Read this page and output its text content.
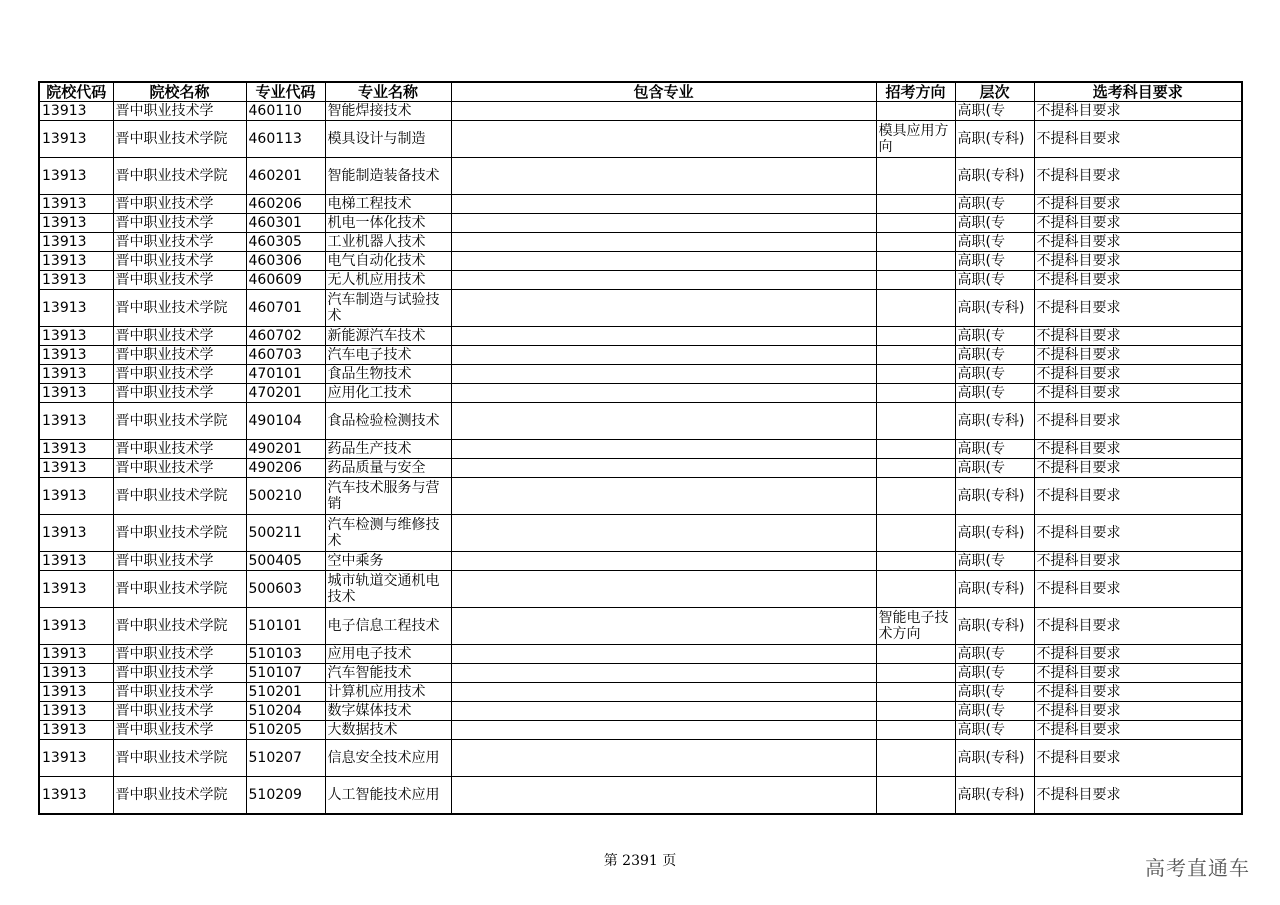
院校代码	院校名称	专业代码	专业名称	包含专业	招考方向	层次	选考科目要求
13913	晋中职业技术学	460110	智能焊接技术			高职(专	不提科目要求
13913	晋中职业技术学院	460113	模具设计与制造		模具应用方向	高职(专科)	不提科目要求
13913	晋中职业技术学院	460201	智能制造装备技术			高职(专科)	不提科目要求
13913	晋中职业技术学	460206	电梯工程技术			高职(专	不提科目要求
13913	晋中职业技术学	460301	机电一体化技术			高职(专	不提科目要求
13913	晋中职业技术学	460305	工业机器人技术			高职(专	不提科目要求
13913	晋中职业技术学	460306	电气自动化技术			高职(专	不提科目要求
13913	晋中职业技术学	460609	无人机应用技术			高职(专	不提科目要求
13913	晋中职业技术学院	460701	汽车制造与试验技术			高职(专科)	不提科目要求
13913	晋中职业技术学	460702	新能源汽车技术			高职(专	不提科目要求
13913	晋中职业技术学	460703	汽车电子技术			高职(专	不提科目要求
13913	晋中职业技术学	470101	食品生物技术			高职(专	不提科目要求
13913	晋中职业技术学	470201	应用化工技术			高职(专	不提科目要求
13913	晋中职业技术学院	490104	食品检验检测技术			高职(专科)	不提科目要求
13913	晋中职业技术学	490201	药品生产技术			高职(专	不提科目要求
13913	晋中职业技术学	490206	药品质量与安全			高职(专	不提科目要求
13913	晋中职业技术学院	500210	汽车技术服务与营销			高职(专科)	不提科目要求
13913	晋中职业技术学院	500211	汽车检测与维修技术			高职(专科)	不提科目要求
13913	晋中职业技术学	500405	空中乘务			高职(专	不提科目要求
13913	晋中职业技术学院	500603	城市轨道交通机电技术			高职(专科)	不提科目要求
13913	晋中职业技术学院	510101	电子信息工程技术		智能电子技术方向	高职(专科)	不提科目要求
13913	晋中职业技术学	510103	应用电子技术			高职(专	不提科目要求
13913	晋中职业技术学	510107	汽车智能技术			高职(专	不提科目要求
13913	晋中职业技术学	510201	计算机应用技术			高职(专	不提科目要求
13913	晋中职业技术学	510204	数字媒体技术			高职(专	不提科目要求
13913	晋中职业技术学	510205	大数据技术			高职(专	不提科目要求
13913	晋中职业技术学院	510207	信息安全技术应用			高职(专科)	不提科目要求
13913	晋中职业技术学院	510209	人工智能技术应用			高职(专科)	不提科目要求
第 2391 页	高考直通车
